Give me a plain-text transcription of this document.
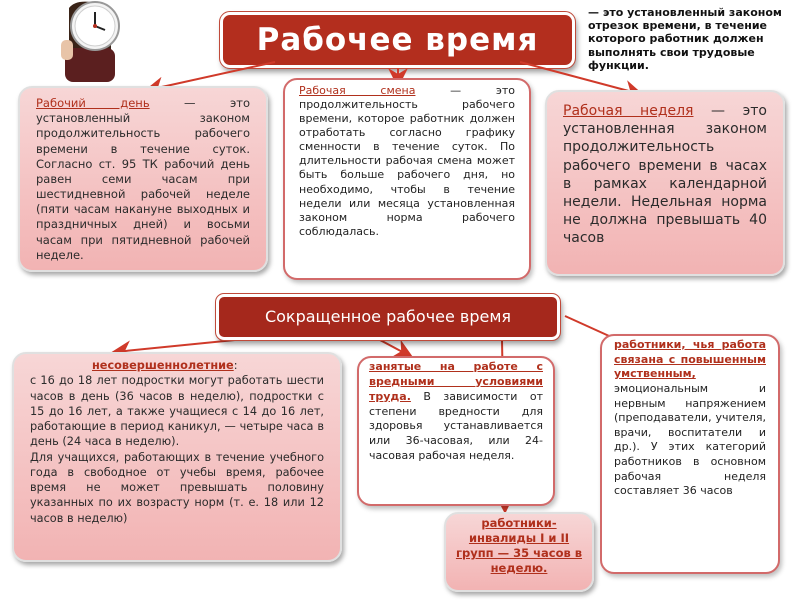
Рабочее время
— это установленный законом отрезок времени, в течение которого работник должен выполнять свои трудовые функции.
Рабочий день — это установленный законом продолжительность рабочего времени в течение суток. Согласно ст. 95 ТК рабочий день равен семи часам при шестидневной рабочей неделе (пяти часам накануне выходных и праздничных дней) и восьми часам при пятидневной рабочей неделе.
Рабочая смена — это продолжительность рабочего времени, которое работник должен отработать согласно графику сменности в течение суток. По длительности рабочая смена может быть больше рабочего дня, но необходимо, чтобы в течение недели или месяца установленная законом норма рабочего соблюдалась.
Рабочая неделя — это установленная законом продолжительность рабочего времени в часах в рамках календарной недели. Недельная норма не должна превышать 40 часов
Сокращенное рабочее время
несовершеннолетние:
с 16 до 18 лет подростки могут работать шести часов в день (36 часов в неделю), подростки с 15 до 16 лет, а также учащиеся с 14 до 16 лет, работающие в период каникул, — четыре часа в день (24 часа в неделю).
Для учащихся, работающих в течение учебного года в свободное от учебы время, рабочее время не может превышать половину указанных по их возрасту норм (т. е. 18 или 12 часов в неделю)
занятые на работе с вредными условиями труда. В зависимости от степени вредности для здоровья устанавливается или 36-часовая, или 24-часовая рабочая неделя.
работники-инвалиды I и II групп — 35 часов в неделю.
работники, чья работа связана с повышенным умственным, эмоциональным и нервным напряжением (преподаватели, учителя, врачи, воспитатели и др.). У этих категорий работников в основном рабочая неделя составляет 36 часов
